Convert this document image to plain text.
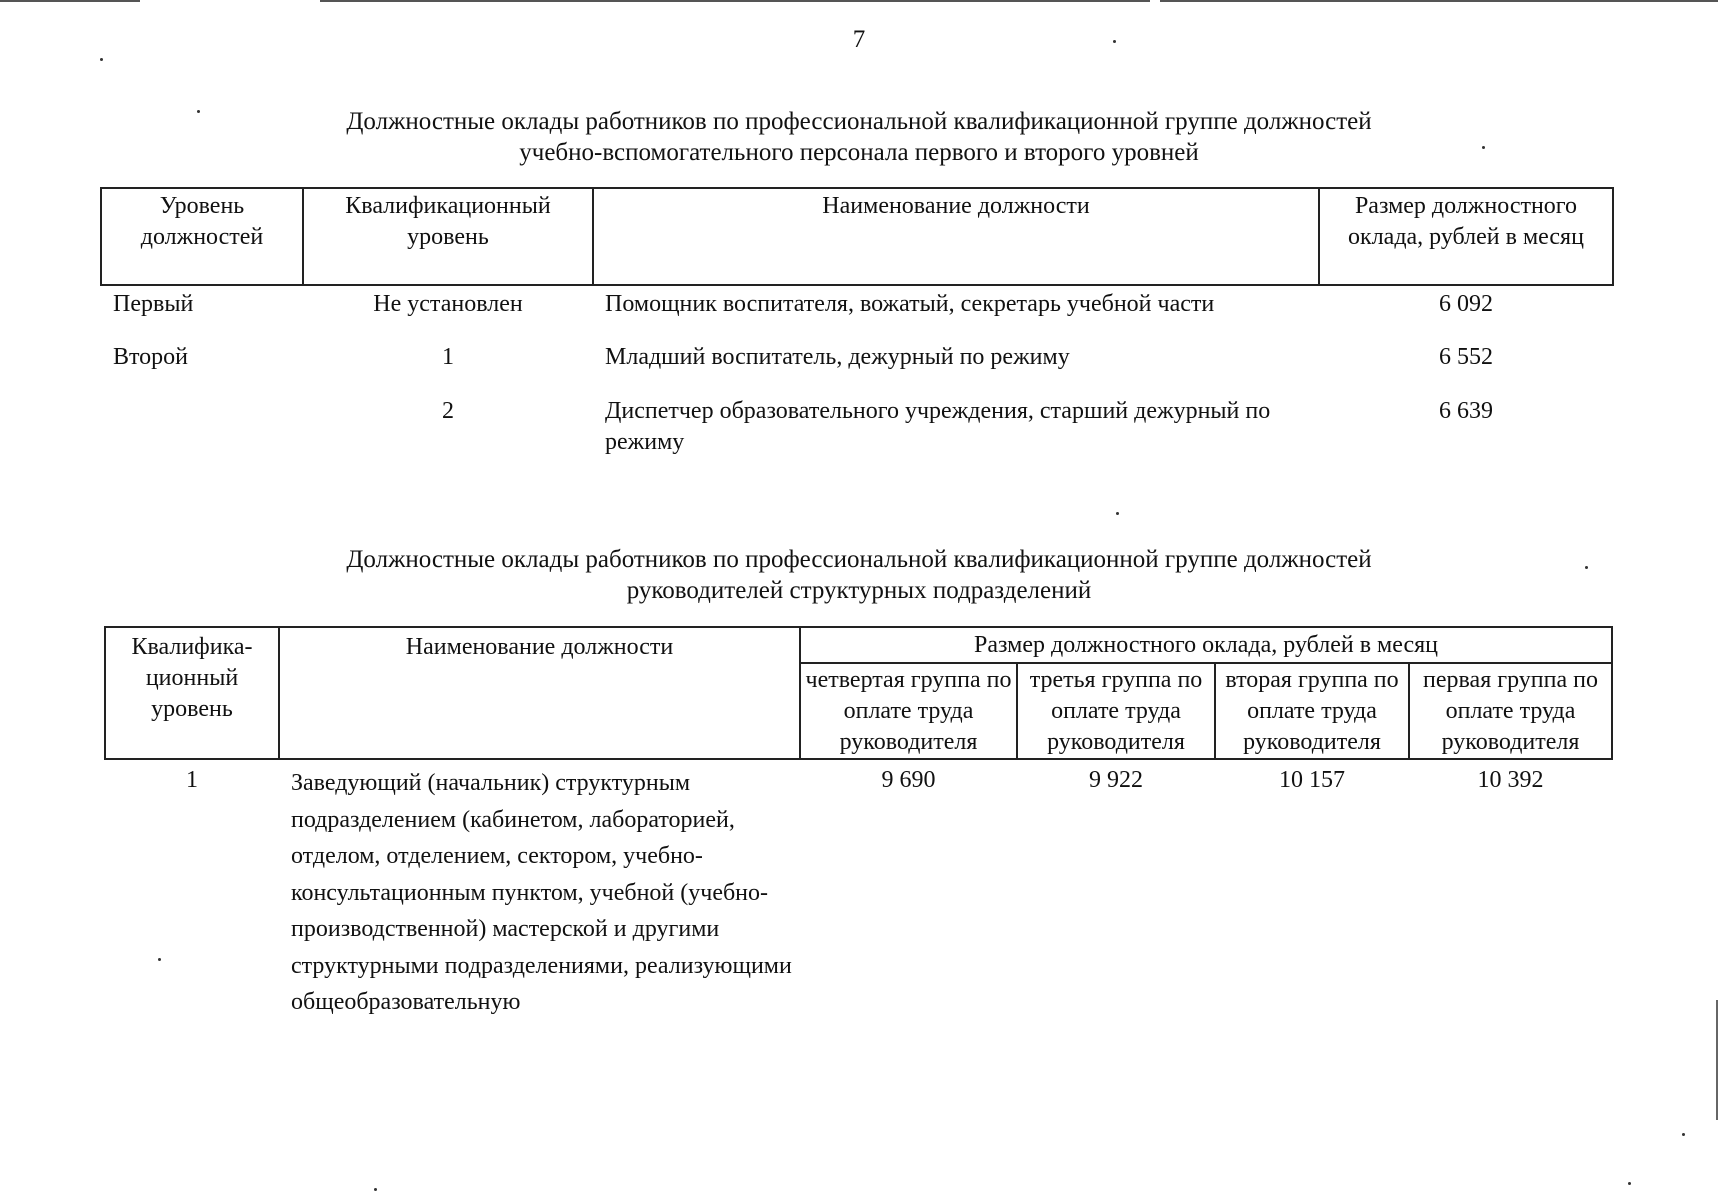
7
Должностные оклады работников по профессиональной квалификационной группе должностей
учебно-вспомогательного персонала первого и второго уровней
Уровень должностей	Квалификационный уровень	Наименование должности	Размер должностного оклада, рублей в месяц
Первый	Не установлен	Помощник воспитателя, вожатый, секретарь учебной части	6 092
Второй	1	Младший воспитатель, дежурный по режиму	6 552
	2	Диспетчер образовательного учреждения, старший дежурный по режиму	6 639
Должностные оклады работников по профессиональной квалификационной группе должностей
руководителей структурных подразделений
Квалифика-ционный уровень	Наименование должности	Размер должностного оклада, рублей в месяц			
		четвертая группа по оплате труда руководителя	третья группа по оплате труда руководителя	вторая группа по оплате труда руководителя	первая группа по оплате труда руководителя
1	Заведующий (начальник) структурным подразделением (кабинетом, лабораторией, отделом, отделением, сектором, учебно-консультационным пунктом, учебной (учебно-производственной) мастерской и другими структурными подразделениями, реализующими общеобразовательную	9 690	9 922	10 157	10 392
